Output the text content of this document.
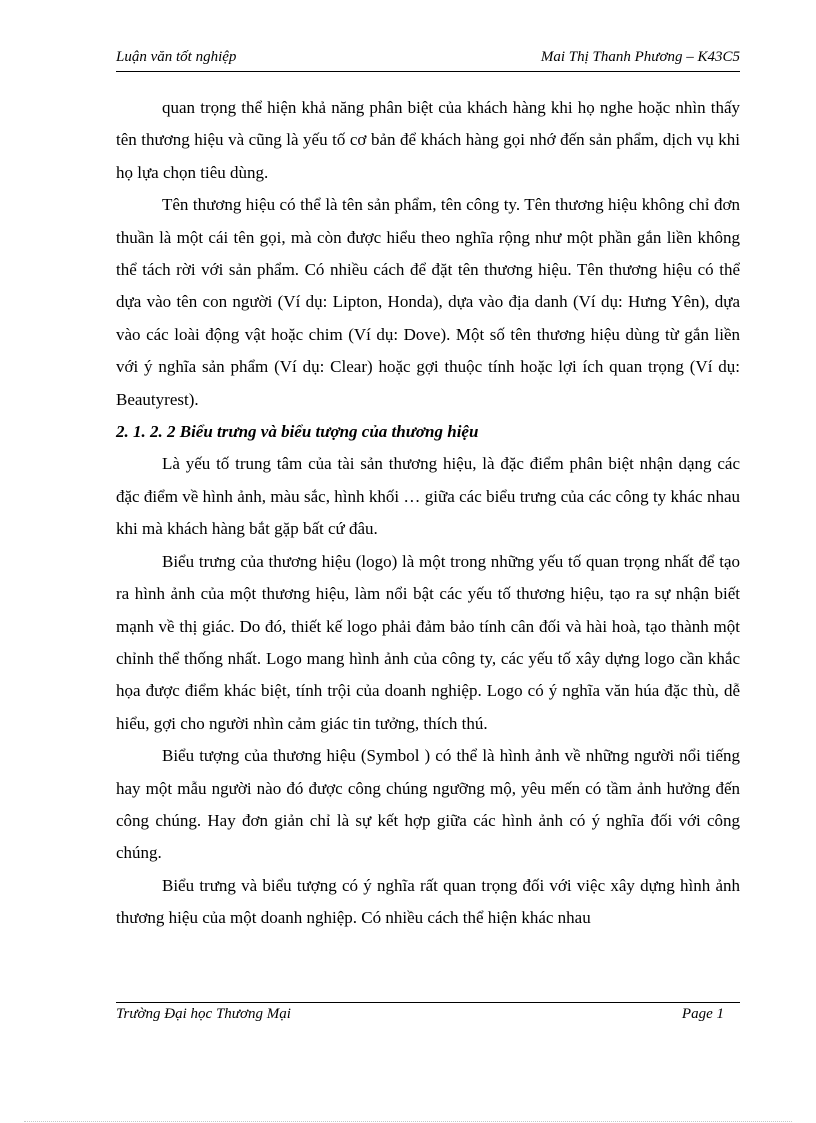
Luận văn tốt nghiệp	Mai Thị Thanh Phương – K43C5

quan trọng thể hiện khả năng phân biệt của khách hàng khi họ nghe hoặc nhìn thấy tên thương hiệu và cũng là yếu tố cơ bản để khách hàng gọi nhớ đến sản phẩm, dịch vụ khi họ lựa chọn tiêu dùng.

Tên thương hiệu có thể là tên sản phẩm, tên công ty. Tên thương hiệu không chỉ đơn thuần là một cái tên gọi, mà còn được hiểu theo nghĩa rộng như một phần gắn liền không thể tách rời với sản phẩm. Có nhiều cách để đặt tên thương hiệu. Tên thương hiệu có thể dựa vào tên con người (Ví dụ: Lipton, Honda), dựa vào địa danh (Ví dụ: Hưng Yên), dựa vào các loài động vật hoặc chim (Ví dụ: Dove). Một số tên thương hiệu dùng từ gắn liền với ý nghĩa sản phẩm (Ví dụ: Clear) hoặc gợi thuộc tính hoặc lợi ích quan trọng (Ví dụ: Beautyrest).

2. 1. 2. 2 Biểu trưng và biểu tượng của thương hiệu

Là yếu tố trung tâm của tài sản thương hiệu, là đặc điểm phân biệt nhận dạng các đặc điểm về hình ảnh, màu sắc, hình khối … giữa các biểu trưng của các công ty khác nhau khi mà khách hàng bắt gặp bất cứ đâu.

Biểu trưng của thương hiệu (logo) là một trong những yếu tố quan trọng nhất để tạo ra hình ảnh của một thương hiệu, làm nổi bật các yếu tố thương hiệu, tạo ra sự nhận biết mạnh về thị giác. Do đó, thiết kế logo phải đảm bảo tính cân đối và hài hoà, tạo thành một chỉnh thể thống nhất. Logo mang hình ảnh của công ty, các yếu tố xây dựng logo cần khắc họa được điểm khác biệt, tính trội của doanh nghiệp. Logo có ý nghĩa văn húa đặc thù, dễ hiểu, gợi cho người nhìn cảm giác tin tưởng, thích thú.

Biểu tượng của thương hiệu (Symbol ) có thể là hình ảnh về những người nổi tiếng hay một mẫu người nào đó được công chúng ngưỡng mộ, yêu mến có tầm ảnh hưởng đến công chúng. Hay đơn giản chỉ là sự kết hợp giữa các hình ảnh có ý nghĩa đối với công chúng.

Biểu trưng và biểu tượng có ý nghĩa rất quan trọng đối với việc xây dựng hình ảnh thương hiệu của một doanh nghiệp. Có nhiều cách thể hiện khác nhau

Trường Đại học Thương Mại	Page 1
